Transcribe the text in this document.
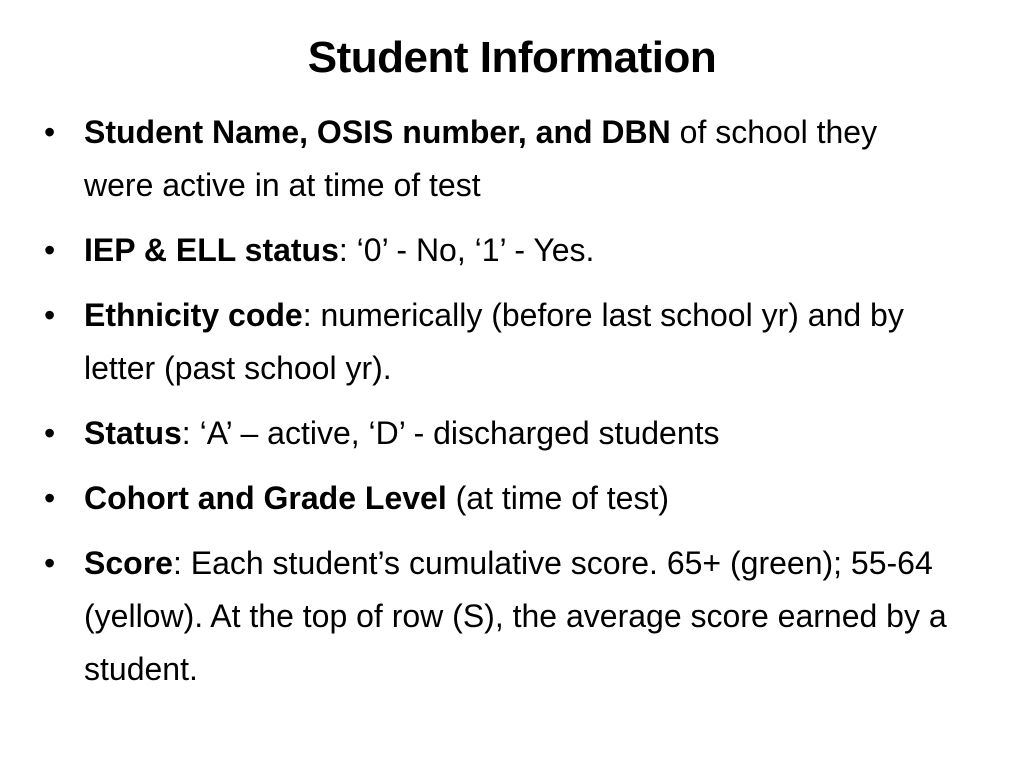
Student Information
• Student Name, OSIS number, and DBN of school they were active in at time of test
• IEP & ELL status: ‘0’ - No, ‘1’ - Yes.
• Ethnicity code: numerically (before last school yr) and by letter (past school yr).
• Status: ‘A’ – active, ‘D’ - discharged students
• Cohort and Grade Level (at time of test)
• Score: Each student’s cumulative score. 65+ (green); 55-64 (yellow). At the top of row (S), the average score earned by a student.
